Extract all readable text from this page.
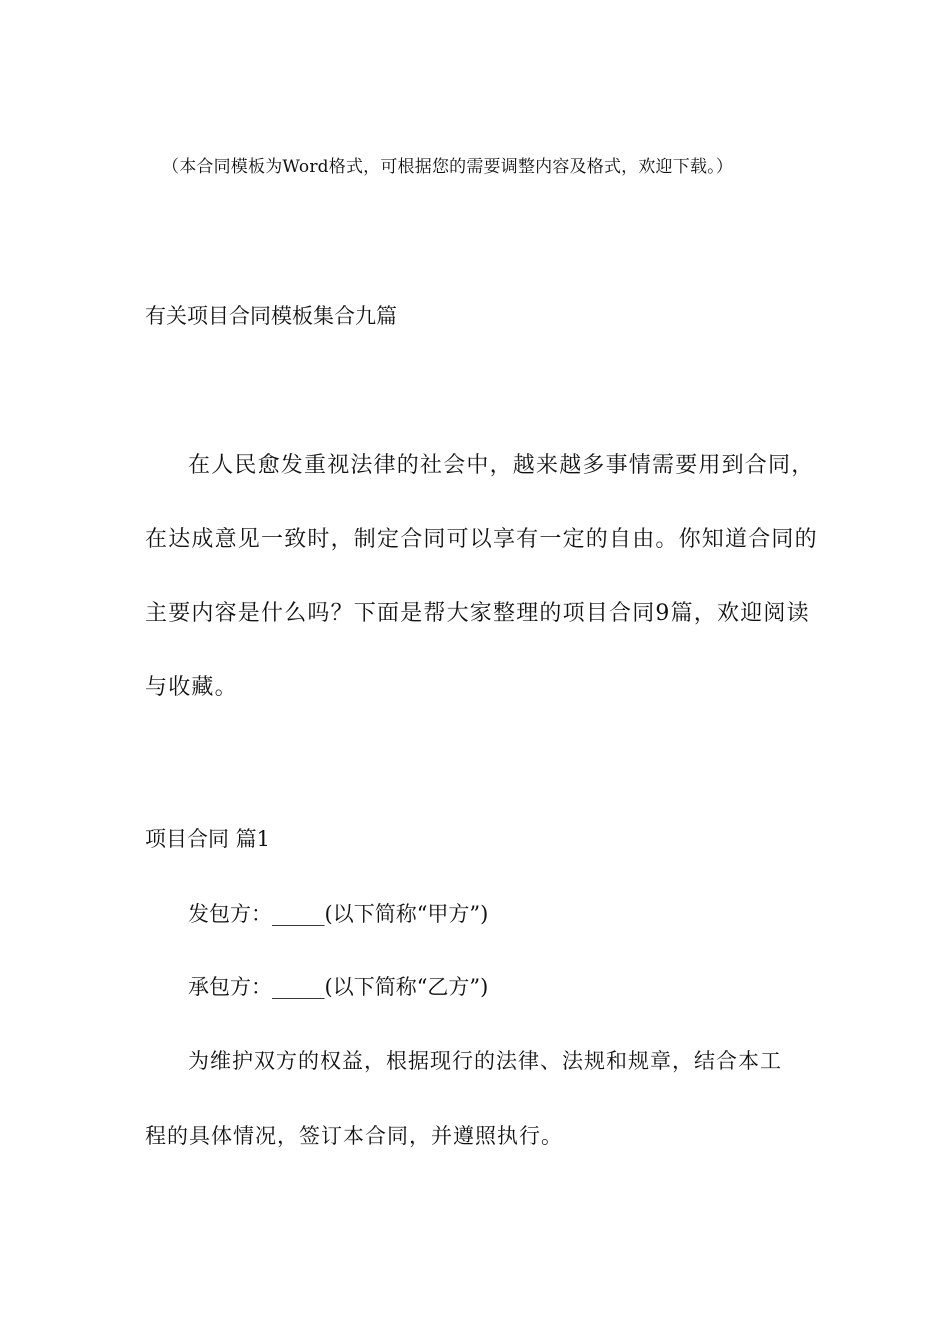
（本合同模板为Word格式，可根据您的需要调整内容及格式，欢迎下载。）

有关项目合同模板集合九篇

在人民愈发重视法律的社会中，越来越多事情需要用到合同，

在达成意见一致时，制定合同可以享有一定的自由。你知道合同的

主要内容是什么吗？下面是帮大家整理的项目合同9篇，欢迎阅读

与收藏。

项目合同 篇1

发包方：_____(以下简称“甲方”)

承包方：_____(以下简称“乙方”)

为维护双方的权益，根据现行的法律、法规和规章，结合本工

程的具体情况，签订本合同，并遵照执行。
